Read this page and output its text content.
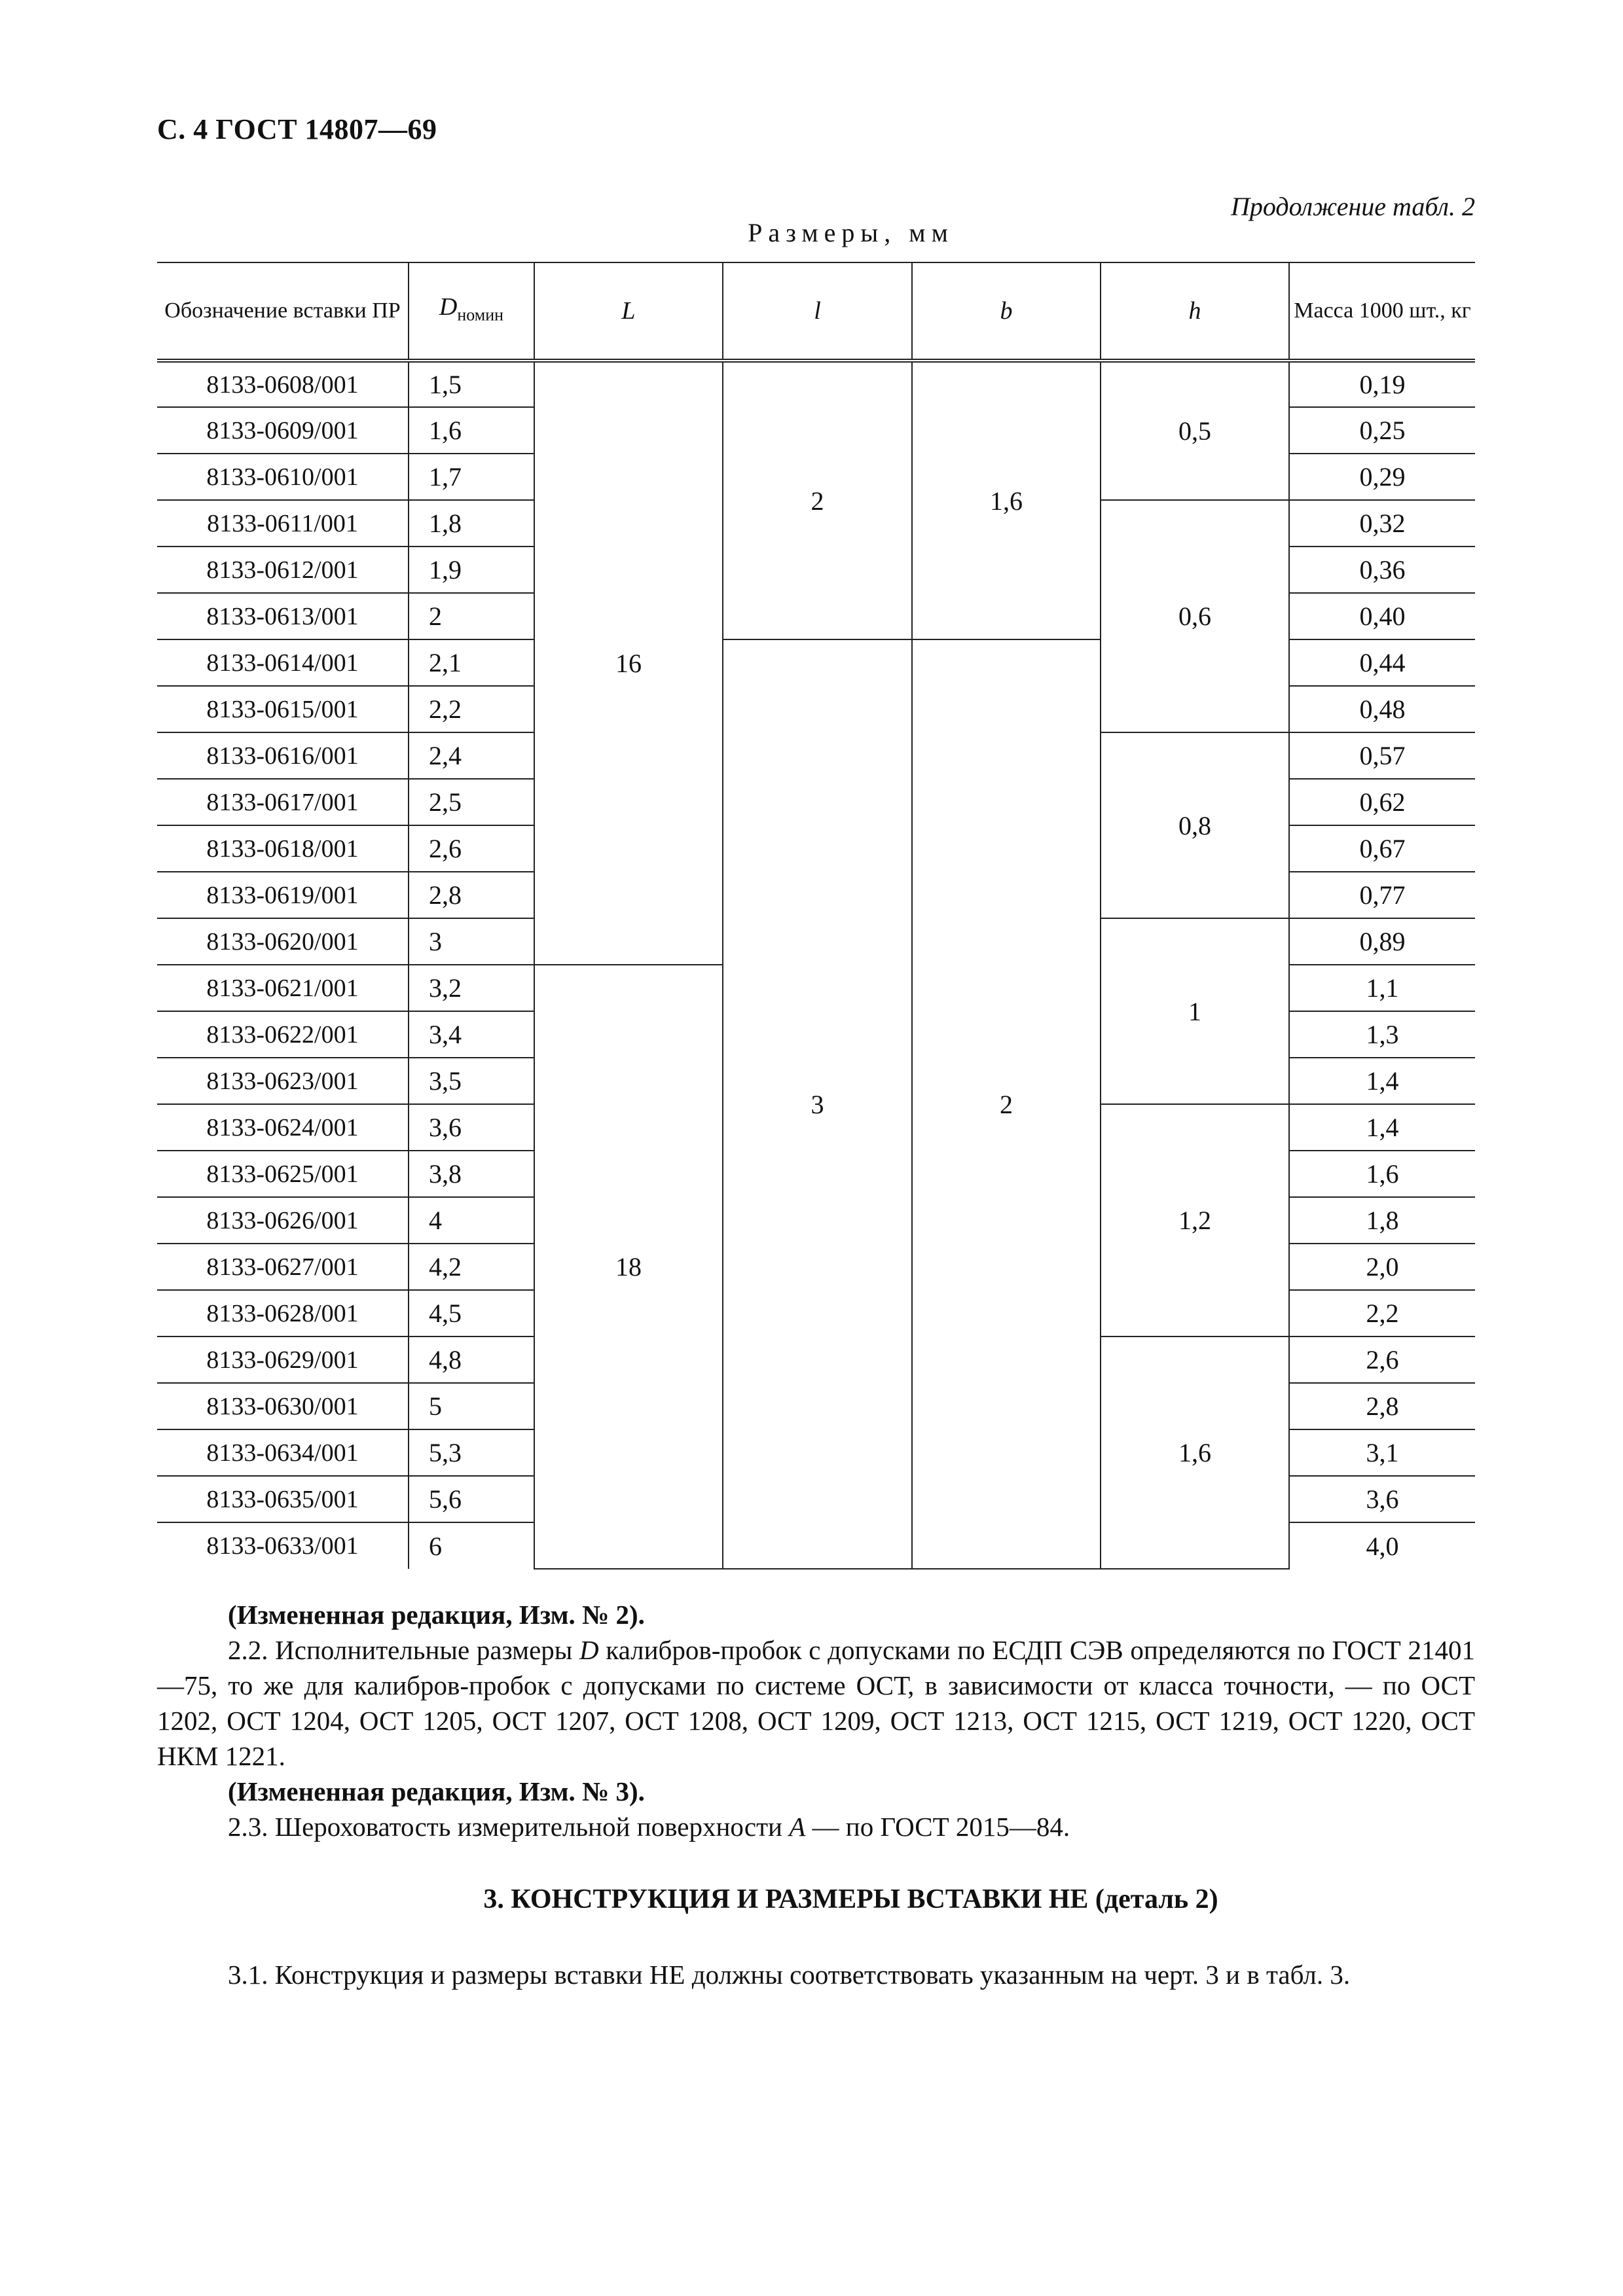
С. 4 ГОСТ 14807—69
Продолжение табл. 2
Размеры, мм
Обозначение вставки ПР	$D_{номин}$	L	l	b	h	Масса 1000 шт., кг
8133-0608/001	1,5	16	2	1,6	0,5	0,19
8133-0609/001	1,6					0,25
8133-0610/001	1,7					0,29
8133-0611/001	1,8				0,6	0,32
8133-0612/001	1,9					0,36
8133-0613/001	2					0,40
8133-0614/001	2,1		3	2		0,44
8133-0615/001	2,2					0,48
8133-0616/001	2,4				0,8	0,57
8133-0617/001	2,5					0,62
8133-0618/001	2,6					0,67
8133-0619/001	2,8					0,77
8133-0620/001	3				1	0,89
8133-0621/001	3,2	18				1,1
8133-0622/001	3,4					1,3
8133-0623/001	3,5					1,4
8133-0624/001	3,6				1,2	1,4
8133-0625/001	3,8					1,6
8133-0626/001	4					1,8
8133-0627/001	4,2					2,0
8133-0628/001	4,5					2,2
8133-0629/001	4,8				1,6	2,6
8133-0630/001	5					2,8
8133-0634/001	5,3					3,1
8133-0635/001	5,6					3,6
8133-0633/001	6					4,0

(Измененная редакция, Изм. № 2).

2.2. Исполнительные размеры D калибров-пробок с допусками по ЕСДП СЭВ определяются по ГОСТ 21401—75, то же для калибров-пробок с допусками по системе ОСТ, в зависимости от класса точности, — по ОСТ 1202, ОСТ 1204, ОСТ 1205, ОСТ 1207, ОСТ 1208, ОСТ 1209, ОСТ 1213, ОСТ 1215, ОСТ 1219, ОСТ 1220, ОСТ НКМ 1221.

(Измененная редакция, Изм. № 3).

2.3. Шероховатость измерительной поверхности А — по ГОСТ 2015—84.

3. КОНСТРУКЦИЯ И РАЗМЕРЫ ВСТАВКИ НЕ (деталь 2)

3.1. Конструкция и размеры вставки НЕ должны соответствовать указанным на черт. 3 и в табл. 3.
